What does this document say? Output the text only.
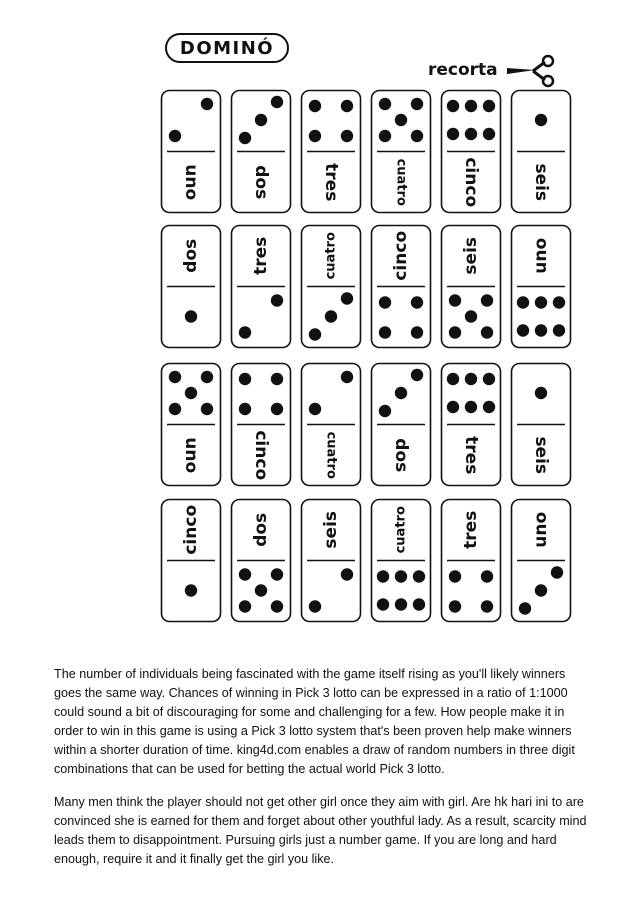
DOMINÓ
recorta
uno	dos	tres	cuatro	cinco	seis
dos	tres	cuatro	cinco	seis	uno
uno	cinco	cuatro	dos	tres	seis
cinco	dos	seis	cuatro	tres	uno

The number of individuals being fascinated with the game itself rising as you'll likely winners goes the same way. Chances of winning in Pick 3 lotto can be expressed in a ratio of 1:1000 could sound a bit of discouraging for some and challenging for a few. How people make it in order to win in this game is using a Pick 3 lotto system that's been proven help make winners within a shorter duration of time. king4d.com enables a draw of random numbers in three digit combinations that can be used for betting the actual world Pick 3 lotto.

Many men think the player should not get other girl once they aim with girl. Are hk hari ini to are convinced she is earned for them and forget about other youthful lady. As a result, scarcity mind leads them to disappointment. Pursuing girls just a number game. If you are long and hard enough, require it and it finally get the girl you like.
